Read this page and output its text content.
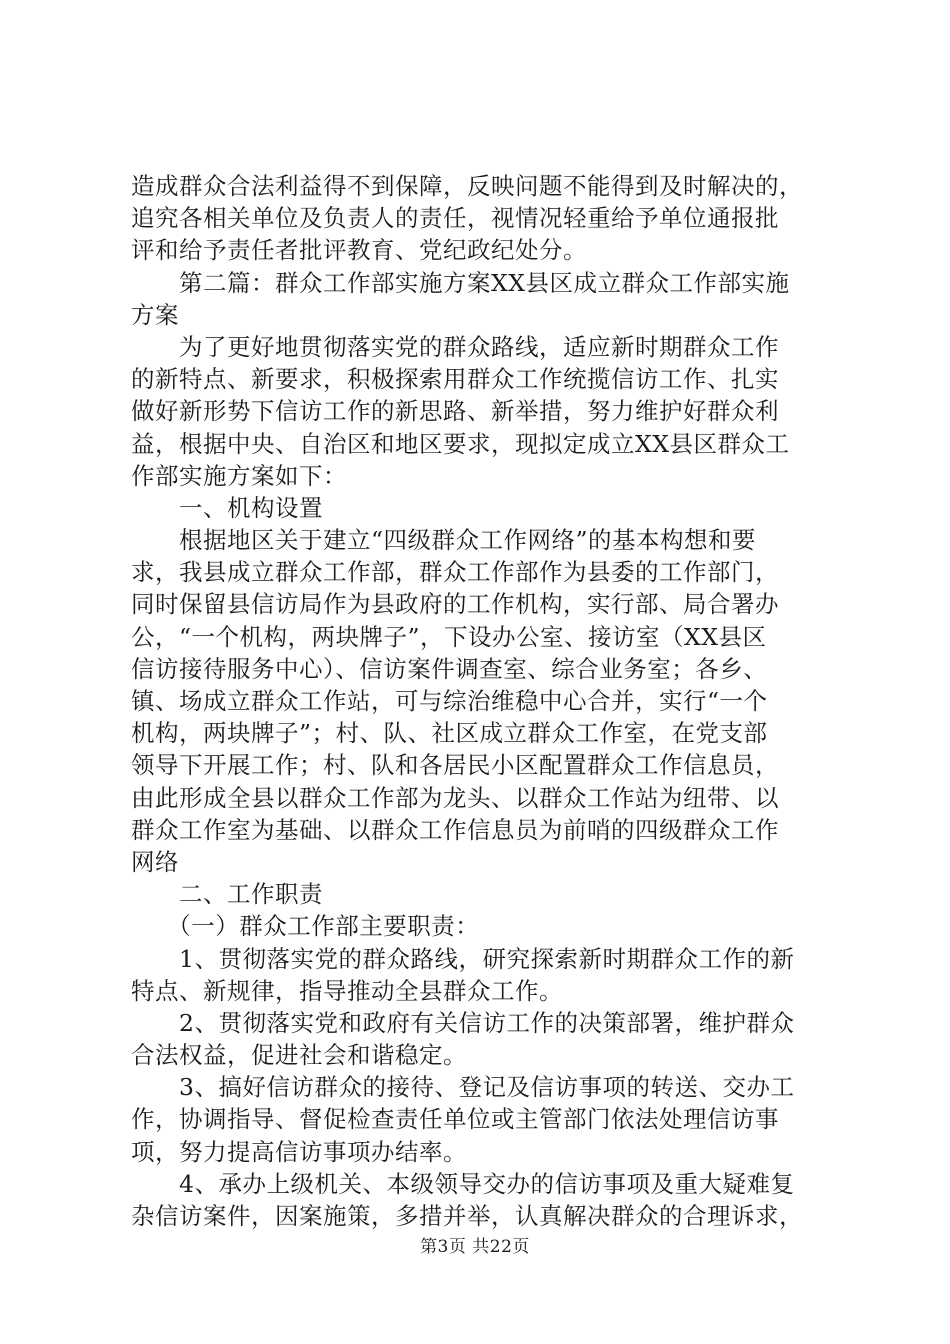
造成群众合法利益得不到保障，反映问题不能得到及时解决的，
追究各相关单位及负责人的责任，视情况轻重给予单位通报批
评和给予责任者批评教育、党纪政纪处分。
　　第二篇：群众工作部实施方案XX县区成立群众工作部实施
方案
　　为了更好地贯彻落实党的群众路线，适应新时期群众工作
的新特点、新要求，积极探索用群众工作统揽信访工作、扎实
做好新形势下信访工作的新思路、新举措，努力维护好群众利
益，根据中央、自治区和地区要求，现拟定成立XX县区群众工
作部实施方案如下：
　　一、机构设置
　　根据地区关于建立“四级群众工作网络”的基本构想和要
求，我县成立群众工作部，群众工作部作为县委的工作部门，
同时保留县信访局作为县政府的工作机构，实行部、局合署办
公，“一个机构，两块牌子”，下设办公室、接访室（XX县区
信访接待服务中心）、信访案件调查室、综合业务室；各乡、
镇、场成立群众工作站，可与综治维稳中心合并，实行“一个
机构，两块牌子”；村、队、社区成立群众工作室，在党支部
领导下开展工作；村、队和各居民小区配置群众工作信息员，
由此形成全县以群众工作部为龙头、以群众工作站为纽带、以
群众工作室为基础、以群众工作信息员为前哨的四级群众工作
网络
　　二、工作职责
　　（一）群众工作部主要职责：
　　1、贯彻落实党的群众路线，研究探索新时期群众工作的新
特点、新规律，指导推动全县群众工作。
　　2、贯彻落实党和政府有关信访工作的决策部署，维护群众
合法权益，促进社会和谐稳定。
　　3、搞好信访群众的接待、登记及信访事项的转送、交办工
作，协调指导、督促检查责任单位或主管部门依法处理信访事
项，努力提高信访事项办结率。
　　4、承办上级机关、本级领导交办的信访事项及重大疑难复
杂信访案件，因案施策，多措并举，认真解决群众的合理诉求，
第3页 共22页
